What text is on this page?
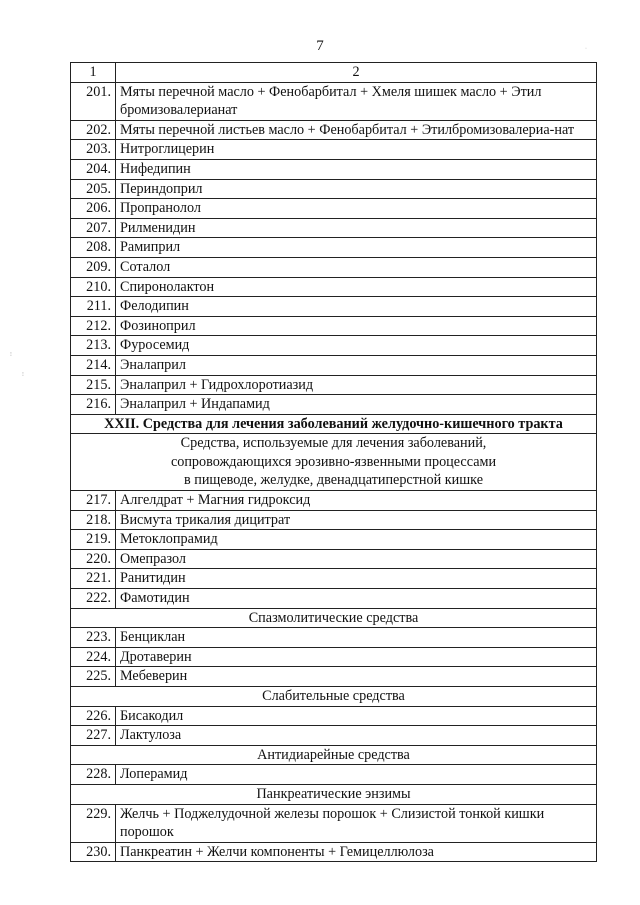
7
1	2
201.	Мяты перечной масло + Фенобарбитал + Хмеля шишек масло + Этил бромизовалерианат
202.	Мяты перечной листьев масло + Фенобарбитал + Этилбромизовалериа-нат
203.	Нитроглицерин
204.	Нифедипин
205.	Периндоприл
206.	Пропранолол
207.	Рилменидин
208.	Рамиприл
209.	Соталол
210.	Спиронолактон
211.	Фелодипин
212.	Фозиноприл
213.	Фуросемид
214.	Эналаприл
215.	Эналаприл + Гидрохлоротиазид
216.	Эналаприл + Индапамид
XXII. Средства для лечения заболеваний желудочно-кишечного тракта	

Средства, используемые для лечения заболеваний,
сопровождающихся эрозивно-язвенными процессами
в пищеводе, желудке, двенадцатиперстной кишке	

217.	Алгелдрат + Магния гидроксид
218.	Висмута трикалия дицитрат
219.	Метоклопрамид
220.	Омепразол
221.	Ранитидин
222.	Фамотидин
Спазмолитические средства	
223.	Бенциклан
224.	Дротаверин
225.	Мебеверин
Слабительные средства	
226.	Бисакодил
227.	Лактулоза
Антидиарейные средства	
228.	Лоперамид
Панкреатические энзимы	
229.	Желчь + Поджелудочной железы порошок + Слизистой тонкой кишки порошок
230.	Панкреатин + Желчи компоненты + Гемицеллюлоза
⁝
⁝
·
